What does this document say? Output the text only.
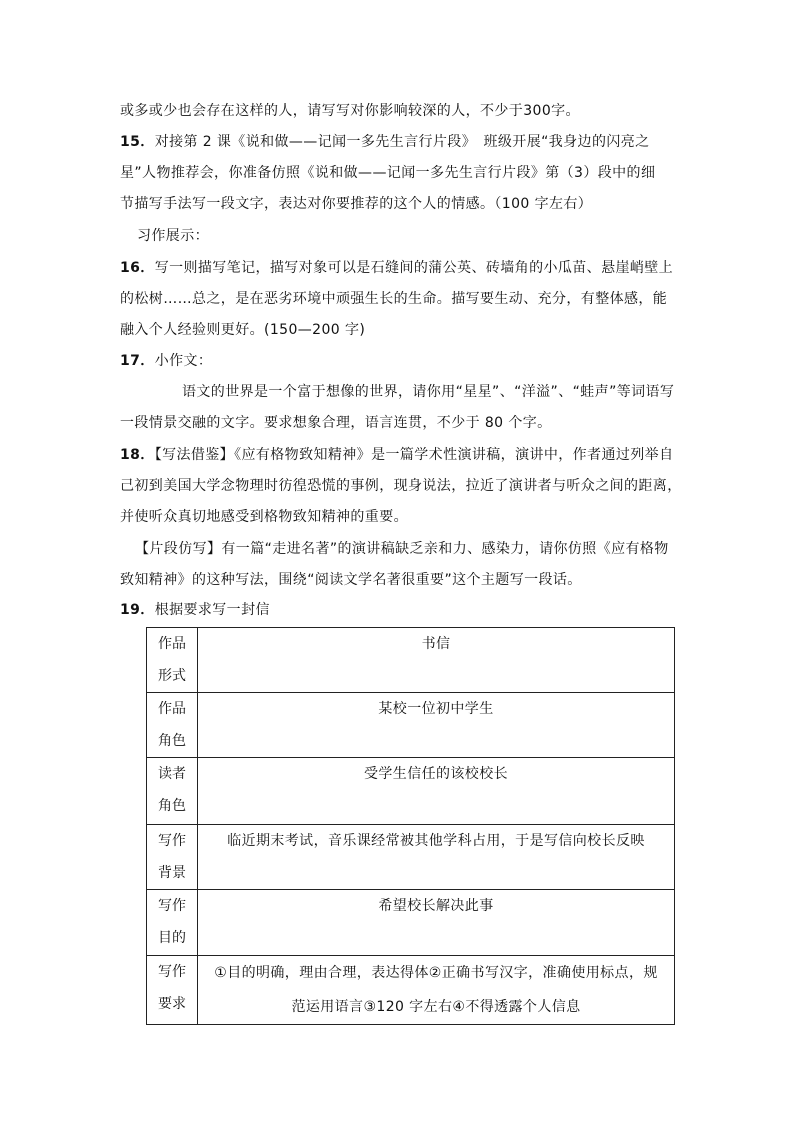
或多或少也会存在这样的人，请写写对你影响较深的人，不少于300字。
15．对接第 2 课《说和做——记闻一多先生言行片段》　班级开展“我身边的闪亮之
星”人物推荐会，你准备仿照《说和做——记闻一多先生言行片段》第（3）段中的细
节描写手法写一段文字，表达对你要推荐的这个人的情感。（100 字左右）
习作展示：
16．写一则描写笔记，描写对象可以是石缝间的蒲公英、砖墙角的小瓜苗、悬崖峭壁上
的松树……总之，是在恶劣环境中顽强生长的生命。描写要生动、充分，有整体感，能
融入个人经验则更好。(150—200 字)
17．小作文：
语文的世界是一个富于想像的世界，请你用“星星”、“洋溢”、“蛙声”等词语写
一段情景交融的文字。要求想象合理，语言连贯，不少于 80 个字。
18．【写法借鉴】《应有格物致知精神》是一篇学术性演讲稿，演讲中，作者通过列举自
己初到美国大学念物理时彷徨恐慌的事例，现身说法，拉近了演讲者与听众之间的距离，
并使听众真切地感受到格物致知精神的重要。
【片段仿写】有一篇“走进名著”的演讲稿缺乏亲和力、感染力，请你仿照《应有格物
致知精神》的这种写法，围绕“阅读文学名著很重要”这个主题写一段话。
19．根据要求写一封信
作品
形式	书信

作品
角色	某校一位初中学生

读者
角色	受学生信任的该校校长

写作
背景	临近期末考试，音乐课经常被其他学科占用，于是写信向校长反映

写作
目的	希望校长解决此事

写作
要求	①目的明确，理由合理，表达得体②正确书写汉字，准确使用标点，规
范运用语言③120 字左右④不得透露个人信息
